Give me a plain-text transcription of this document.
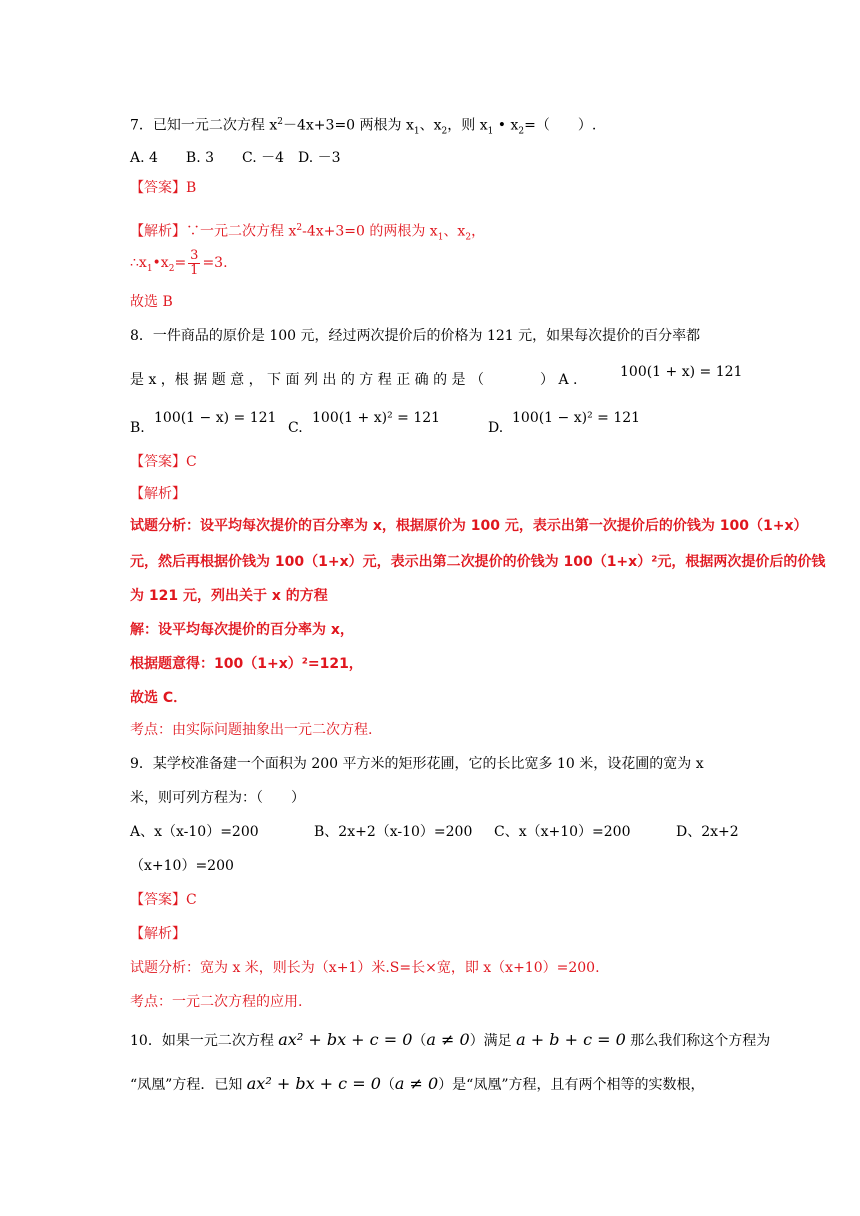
7．已知一元二次方程 $x^2-4x+3=0$ 两根为 $x_1$、$x_2$，则 $x_1$ • $x_2=$（　　）.
A. 4　　B. 3　　C. －4　D. －3
【答案】B
【解析】∵一元二次方程 $x^2-4x+3=0$ 的两根为 $x_1$、$x_2$，
$\therefore x_1•x_2= \frac{3}{1} =3$.
故选 B
8．一件商品的原价是 100 元，经过两次提价后的价格为 121 元，如果每次提价的百分率都
是 x ，根 据 题 意 ， 下 面 列 出 的 方 程 正 确 的 是 （　　　　） A .	100(1 + x) = 121
B.
100(1 − x) = 121
C.
100(1 + x)² = 121
D.
100(1 − x)² = 121
【答案】C
【解析】
试题分析：设平均每次提价的百分率为 x，根据原价为 100 元，表示出第一次提价后的价钱为 100（1+x）
元，然后再根据价钱为 100（1+x）元，表示出第二次提价的价钱为 100（1+x）²元，根据两次提价后的价钱
为 121 元，列出关于 x 的方程
解：设平均每次提价的百分率为 x，
根据题意得：100（1+x）²=121，
故选 C．
考点：由实际问题抽象出一元二次方程.
9．某学校准备建一个面积为 200 平方米的矩形花圃，它的长比宽多 10 米，设花圃的宽为 x
米，则可列方程为：（　　）
A、x（x-10）=200	B、2x+2（x-10）=200 C、x（x+10）=200	D、2x+2
（x+10）=200
【答案】C
【解析】
试题分析：宽为 x 米，则长为（x+1）米.S=长×宽，即 x（x+10）=200.
考点：一元二次方程的应用.
10．如果一元二次方程 ax² + bx + c = 0（a ≠ 0）满足 a + b + c = 0 那么我们称这个方程为
“凤凰”方程．已知 ax² + bx + c = 0（a ≠ 0）是“凤凰”方程，且有两个相等的实数根，
